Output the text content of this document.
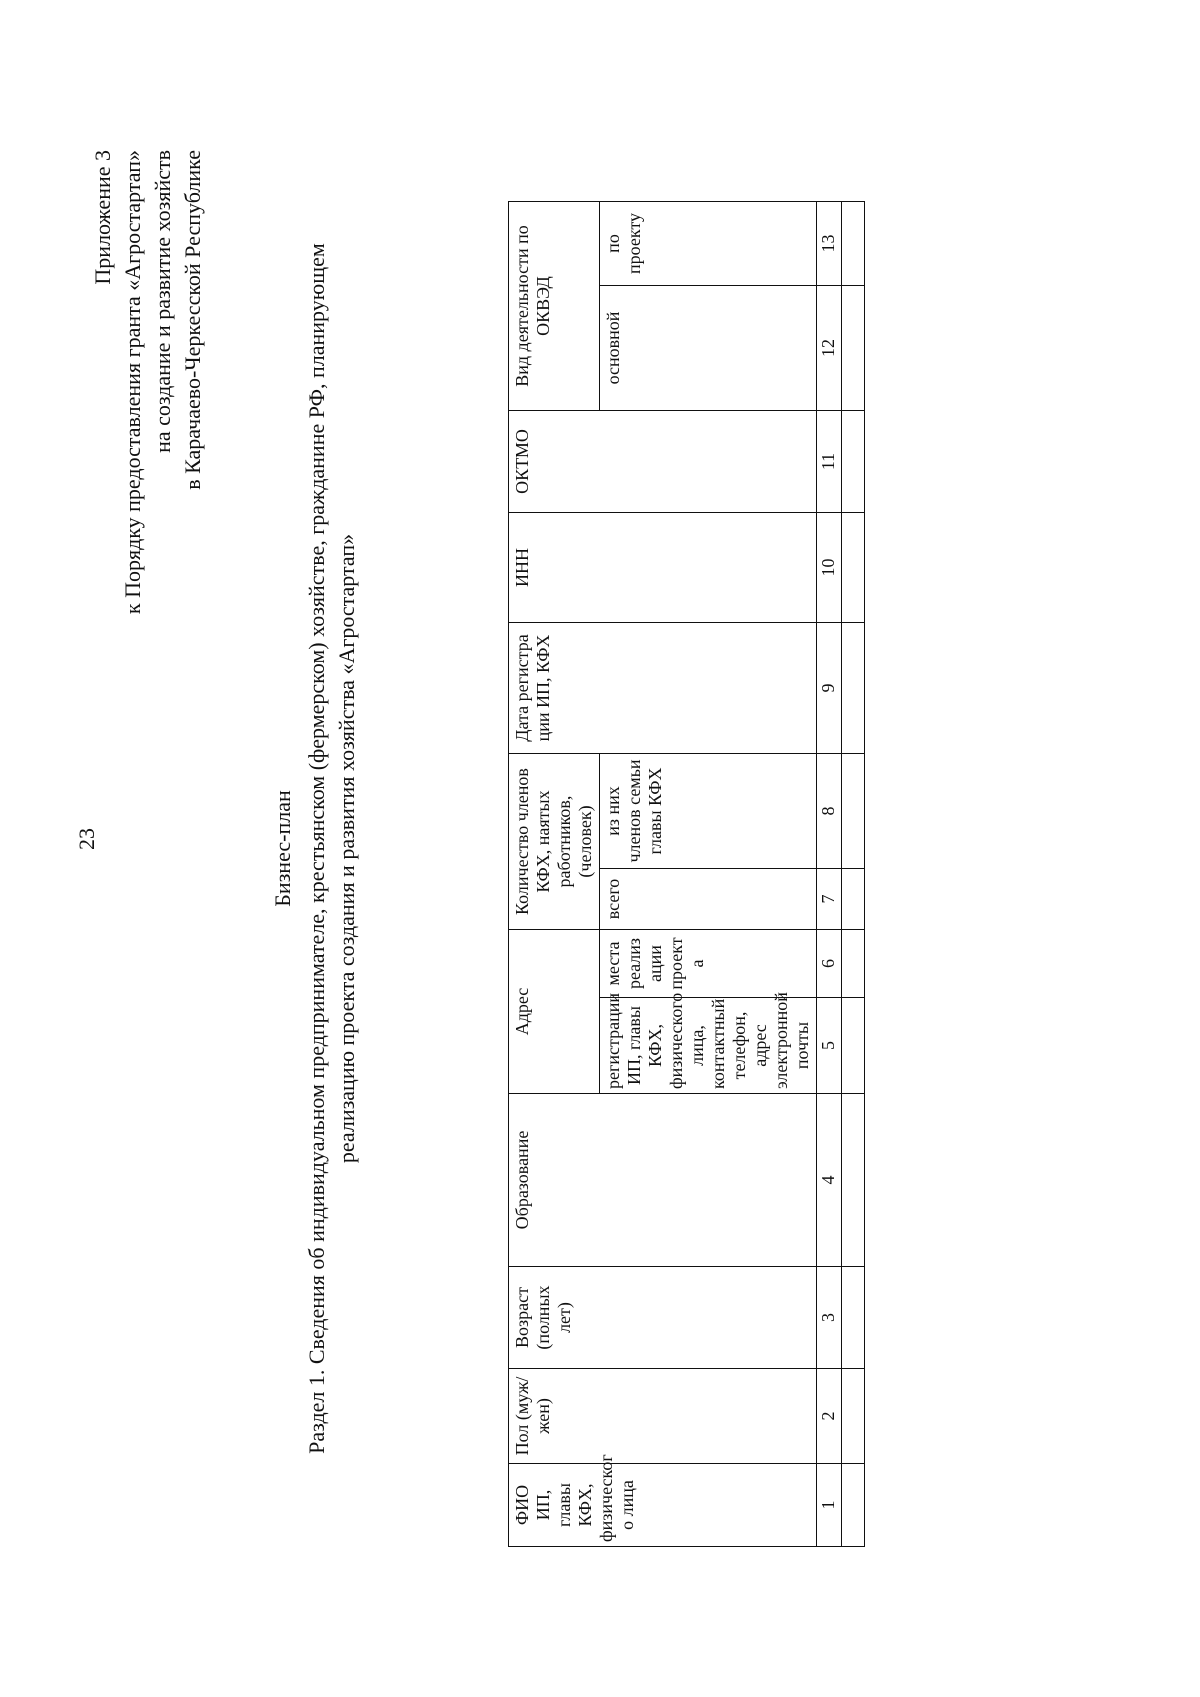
23
Приложение 3 к Порядку предоставления гранта «Агростартап» на создание и развитие хозяйств в Карачаево-Черкесской Республике
Бизнес-план Раздел 1. Сведения об индивидуальном предпринимателе, крестьянском (фермерском) хозяйстве, гражданине РФ, планирующем реализацию проекта создания и развития хозяйства «Агростартап»
ФИО ИП, главы КФХ, физическог о лица	Пол (муж/ жен)	Возраст (полных лет)	Образование	Адрес		Количество членов КФХ, наятых работников, (человек)		Дата регистра ции ИП, КФХ	ИНН	ОКТМО	Вид деятельности по ОКВЭД	
				регистрации ИП, главы КФХ, физического лица, контактный телефон, адрес электронной почты	места реализ ации проект а	всего	из них членов семьи главы КФХ				основной	по проекту
1	2	3	4	5	6	7	8	9	10	11	12	13
